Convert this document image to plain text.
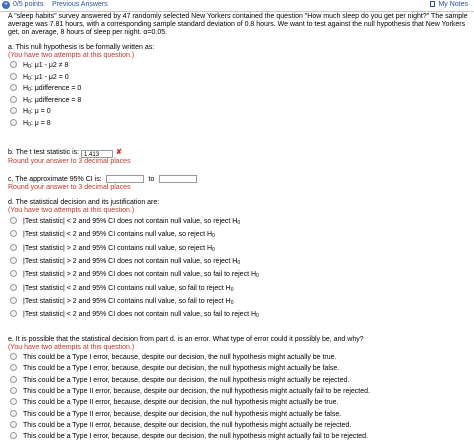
+ 0/5 points Previous Answers	My Notes

A "sleep habits" survey answered by 47 randomly selected New Yorkers contained the question "How much sleep do you get per night?" The sample average was 7.81 hours, with a corresponding sample standard deviation of 0.8 hours. We want to test against the null hypothesis that New Yorkers get, on average, 8 hours of sleep per night. α=0.05.

a. This null hypothesis is be formally written as:
(You have two attempts at this question.)
$H_0$: μ1 - μ2 ≠ 8
$H_0$: μ1 - μ2 = 0
$H_0$: μdifference = 0
$H_0$: μdifference = 8
$H_0$: μ = 0
$H_0$: μ = 8
b. The t test statistic is: 1.413 ✘
Round your answer to 3 decimal places
c. The approximate 95% CI is:	to
Round your answer to 3 decimal places
d. The statistical decision and its justification are:
(You have two attempts at this question.)
|Test statistic| < 2 and 95% CI does not contain null value, so reject $H_0$
|Test statistic| < 2 and 95% CI contains null value, so reject $H_0$
|Test statistic| > 2 and 95% CI contains null value, so reject $H_0$
|Test statistic| > 2 and 95% CI does not contain null value, so reject $H_0$
|Test statistic| > 2 and 95% CI does not contain null value, so fail to reject $H_0$
|Test statistic| < 2 and 95% CI contains null value, so fail to reject $H_0$
|Test statistic| > 2 and 95% CI contains null value, so fail to reject $H_0$
|Test statistic| < 2 and 95% CI does not contain null value, so fail to reject $H_0$
e. It is possible that the statistical decision from part d. is an error. What type of error could it possibly be, and why?
(You have two attempts at this question.)
This could be a Type I error, because, despite our decision, the null hypothesis might actually be true.
This could be a Type I error, because, despite our decision, the null hypothesis might actually be false.
This could be a Type I error, because, despite our decision, the null hypothesis might actually be rejected.
This could be a Type II error, because, despite our decision, the null hypothesis might actually fail to be rejected.
This could be a Type II error, because, despite our decision, the null hypothesis might actually be true.
This could be a Type II error, because, despite our decision, the null hypothesis might actually be false.
This could be a Type II error, because, despite our decision, the null hypothesis might actually be rejected.
This could be a Type I error, because, despite our decision, the null hypothesis might actually fail to be rejected.
